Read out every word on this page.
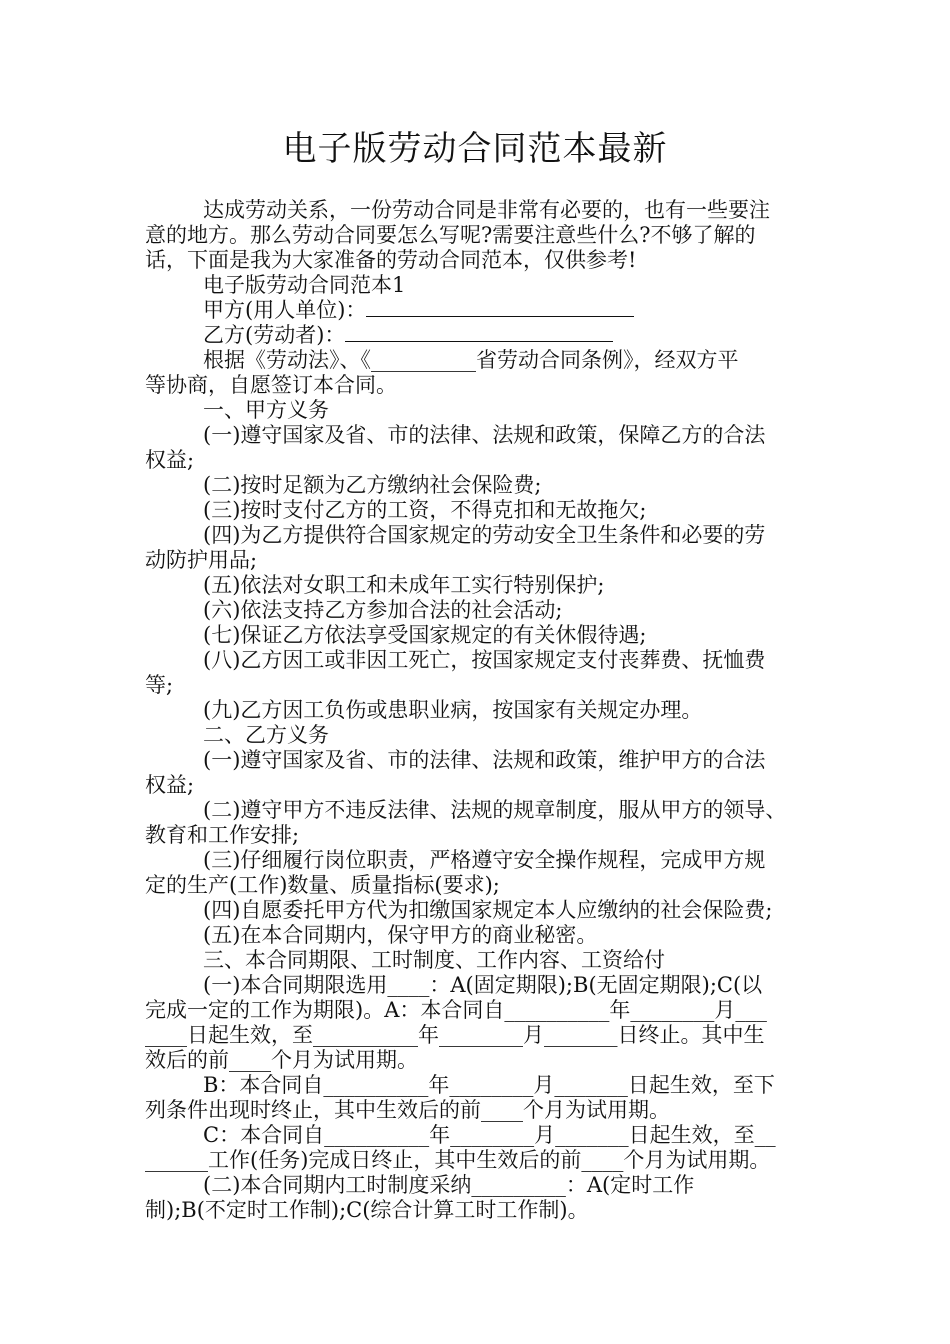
电子版劳动合同范本最新
达成劳动关系，一份劳动合同是非常有必要的，也有一些要注
意的地方。那么劳动合同要怎么写呢?需要注意些什么?不够了解的
话，下面是我为大家准备的劳动合同范本，仅供参考!
电子版劳动合同范本1
甲方(用人单位)：
乙方(劳动者)：
根据《劳动法》、《__________省劳动合同条例》，经双方平
等协商，自愿签订本合同。
一、甲方义务
(一)遵守国家及省、市的法律、法规和政策，保障乙方的合法
权益;
(二)按时足额为乙方缴纳社会保险费;
(三)按时支付乙方的工资，不得克扣和无故拖欠;
(四)为乙方提供符合国家规定的劳动安全卫生条件和必要的劳
动防护用品;
(五)依法对女职工和未成年工实行特别保护;
(六)依法支持乙方参加合法的社会活动;
(七)保证乙方依法享受国家规定的有关休假待遇;
(八)乙方因工或非因工死亡，按国家规定支付丧葬费、抚恤费
等;
(九)乙方因工负伤或患职业病，按国家有关规定办理。
二、乙方义务
(一)遵守国家及省、市的法律、法规和政策，维护甲方的合法
权益;
(二)遵守甲方不违反法律、法规的规章制度，服从甲方的领导、
教育和工作安排;
(三)仔细履行岗位职责，严格遵守安全操作规程，完成甲方规
定的生产(工作)数量、质量指标(要求);
(四)自愿委托甲方代为扣缴国家规定本人应缴纳的社会保险费;
(五)在本合同期内，保守甲方的商业秘密。
三、本合同期限、工时制度、工作内容、工资给付
(一)本合同期限选用____：A(固定期限);B(无固定期限);C(以
完成一定的工作为期限)。A：本合同自__________年________月___
____日起生效，至__________年________月_______日终止。其中生
效后的前____个月为试用期。
B：本合同自__________年________月_______日起生效，至下
列条件出现时终止，其中生效后的前____个月为试用期。
C：本合同自__________年________月_______日起生效，至__
______工作(任务)完成日终止，其中生效后的前____个月为试用期。
(二)本合同期内工时制度采纳_________：A(定时工作
制);B(不定时工作制);C(综合计算工时工作制)。
